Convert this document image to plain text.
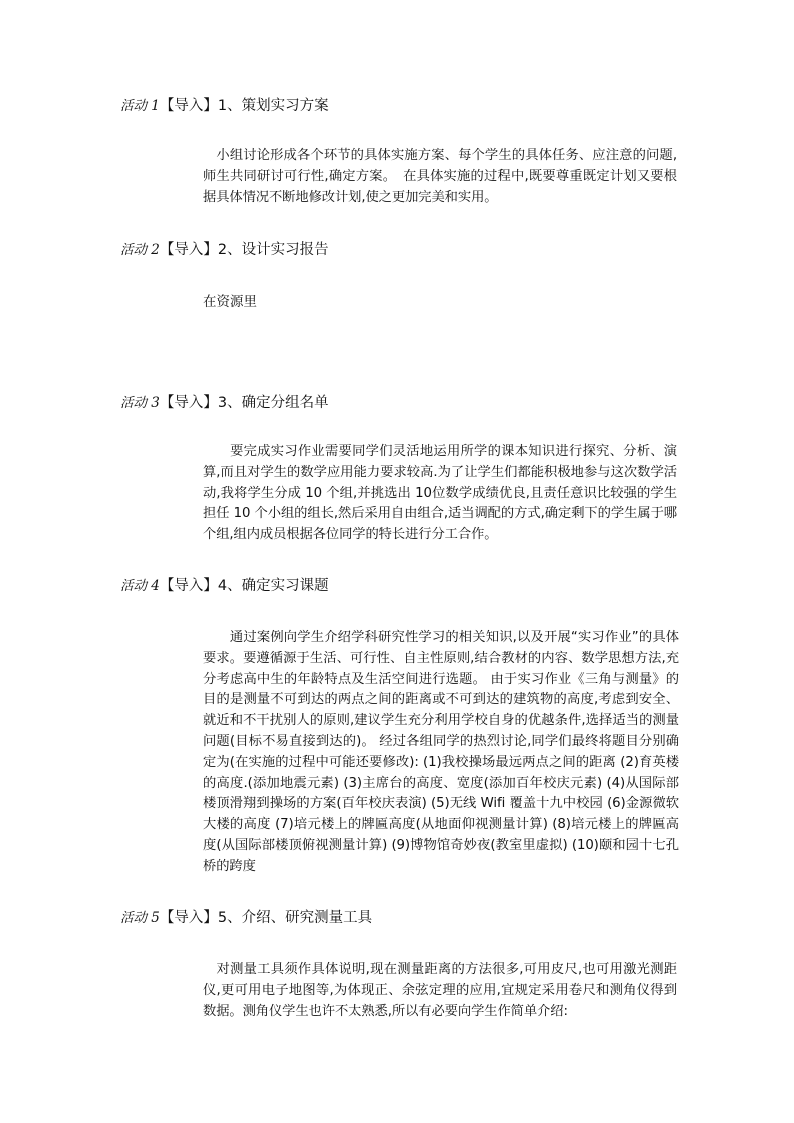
活动 1【导入】1、策划实习方案
　小组讨论形成各个环节的具体实施方案、每个学生的具体任务、应注意的问题,师生共同研讨可行性,确定方案。　在具体实施的过程中,既要尊重既定计划又要根据具体情况不断地修改计划,使之更加完美和实用。
活动 2【导入】2、设计实习报告
在资源里
活动 3【导入】3、确定分组名单
　　要完成实习作业需要同学们灵活地运用所学的课本知识进行探究、分析、演算,而且对学生的数学应用能力要求较高.为了让学生们都能积极地参与这次数学活动,我将学生分成 10 个组,并挑选出 10位数学成绩优良,且责任意识比较强的学生担任 10 个小组的组长,然后采用自由组合,适当调配的方式,确定剩下的学生属于哪个组,组内成员根据各位同学的特长进行分工合作。
活动 4【导入】4、确定实习课题
　　通过案例向学生介绍学科研究性学习的相关知识,以及开展“实习作业”的具体要求。要遵循源于生活、可行性、自主性原则,结合教材的内容、数学思想方法,充分考虑高中生的年龄特点及生活空间进行选题。 由于实习作业《三角与测量》的目的是测量不可到达的两点之间的距离或不可到达的建筑物的高度,考虑到安全、就近和不干扰别人的原则,建议学生充分利用学校自身的优越条件,选择适当的测量问题(目标不易直接到达的)。 经过各组同学的热烈讨论,同学们最终将题目分别确定为(在实施的过程中可能还要修改): (1)我校操场最远两点之间的距离 (2)育英楼的高度.(添加地震元素) (3)主席台的高度、宽度(添加百年校庆元素) (4)从国际部楼顶滑翔到操场的方案(百年校庆表演) (5)无线 Wifi 覆盖十九中校园 (6)金源微软大楼的高度 (7)培元楼上的牌匾高度(从地面仰视测量计算) (8)培元楼上的牌匾高度(从国际部楼顶俯视测量计算) (9)博物馆奇妙夜(教室里虚拟) (10)颐和园十七孔桥的跨度
活动 5【导入】5、介绍、研究测量工具
　对测量工具须作具体说明,现在测量距离的方法很多,可用皮尺,也可用激光测距仪,更可用电子地图等,为体现正、余弦定理的应用,宜规定采用卷尺和测角仪得到数据。测角仪学生也许不太熟悉,所以有必要向学生作简单介绍:
